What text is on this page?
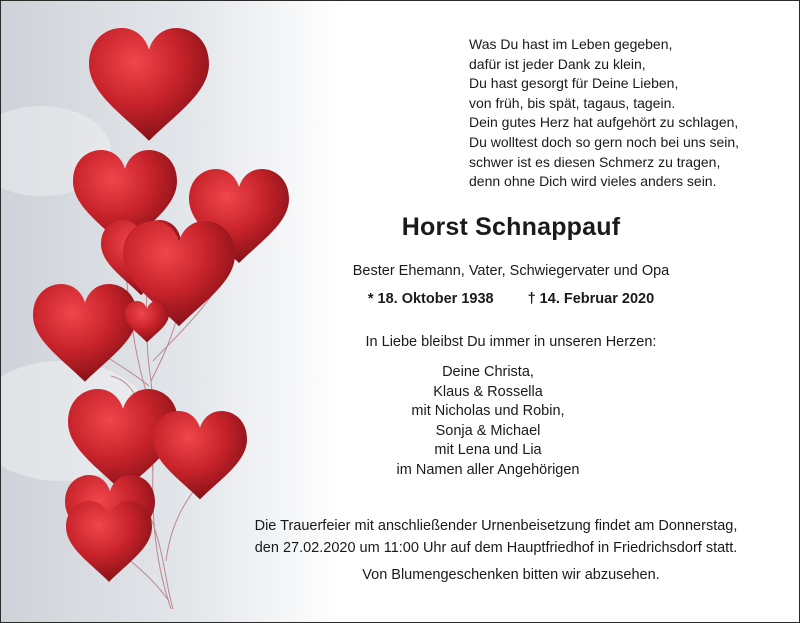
Was Du hast im Leben gegeben,
dafür ist jeder Dank zu klein,
Du hast gesorgt für Deine Lieben,
von früh, bis spät, tagaus, tagein.
Dein gutes Herz hat aufgehört zu schlagen,
Du wolltest doch so gern noch bei uns sein,
schwer ist es diesen Schmerz zu tragen,
denn ohne Dich wird vieles anders sein.
Horst Schnappauf
Bester Ehemann, Vater, Schwiegervater und Opa
* 18. Oktober 1938 † 14. Februar 2020
In Liebe bleibst Du immer in unseren Herzen:
Deine Christa,
Klaus & Rossella
mit Nicholas und Robin,
Sonja & Michael
mit Lena und Lia
im Namen aller Angehörigen
Die Trauerfeier mit anschließender Urnenbeisetzung findet am Donnerstag,
den 27.02.2020 um 11:00 Uhr auf dem Hauptfriedhof in Friedrichsdorf statt.
Von Blumengeschenken bitten wir abzusehen.
